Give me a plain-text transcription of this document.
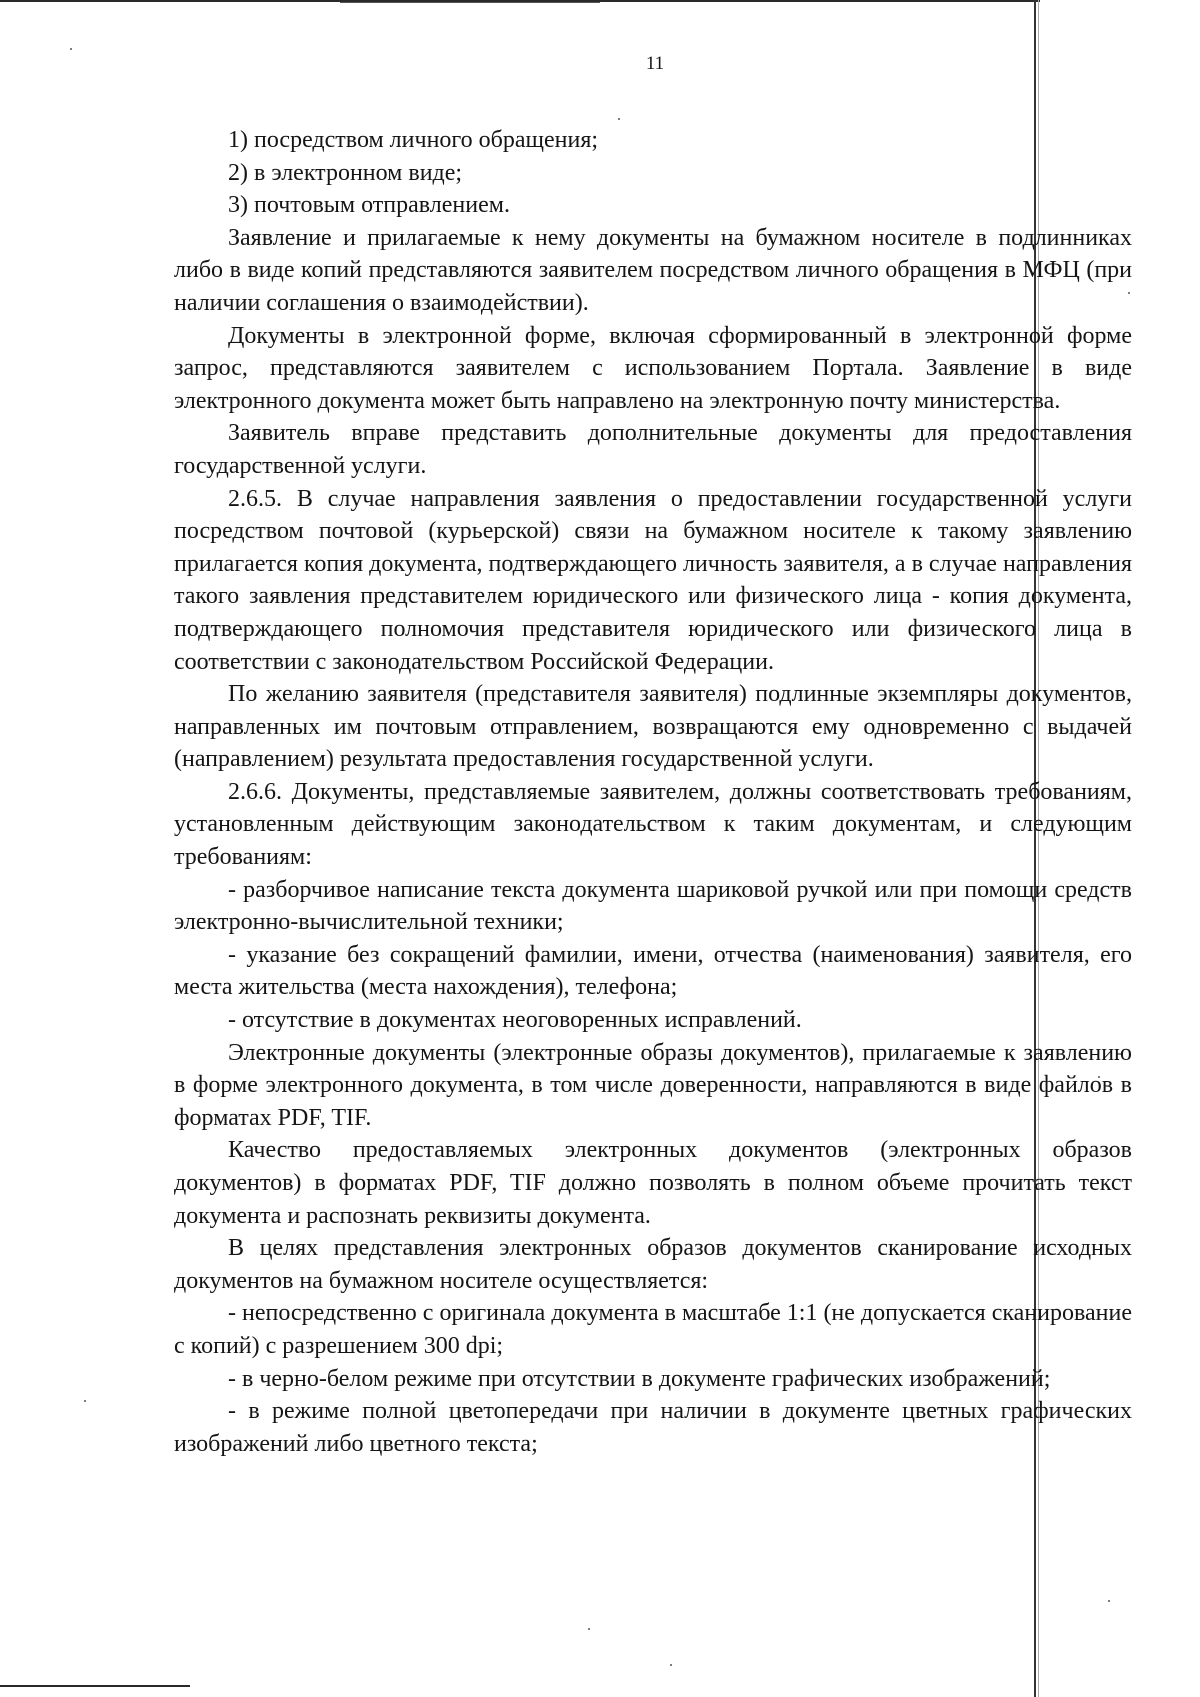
11

1) посредством личного обращения;

2) в электронном виде;

3) почтовым отправлением.

Заявление и прилагаемые к нему документы на бумажном носителе в подлинниках либо в виде копий представляются заявителем посредством личного обращения в МФЦ (при наличии соглашения о взаимодействии).

Документы в электронной форме, включая сформированный в электронной форме запрос, представляются заявителем с использованием Портала. Заявление в виде электронного документа может быть направлено на электронную почту министерства.

Заявитель вправе представить дополнительные документы для предоставления государственной услуги.

2.6.5. В случае направления заявления о предоставлении государственной услуги посредством почтовой (курьерской) связи на бумажном носителе к такому заявлению прилагается копия документа, подтверждающего личность заявителя, а в случае направления такого заявления представителем юридического или физического лица - копия документа, подтверждающего полномочия представителя юридического или физического лица в соответствии с законодательством Российской Федерации.

По желанию заявителя (представителя заявителя) подлинные экземпляры документов, направленных им почтовым отправлением, возвращаются ему одновременно с выдачей (направлением) результата предоставления государственной услуги.

2.6.6. Документы, представляемые заявителем, должны соответствовать требованиям, установленным действующим законодательством к таким документам, и следующим требованиям:

- разборчивое написание текста документа шариковой ручкой или при помощи средств электронно-вычислительной техники;

- указание без сокращений фамилии, имени, отчества (наименования) заявителя, его места жительства (места нахождения), телефона;

- отсутствие в документах неоговоренных исправлений.

Электронные документы (электронные образы документов), прилагаемые к заявлению в форме электронного документа, в том числе доверенности, направляются в виде файлов в форматах PDF, TIF.

Качество предоставляемых электронных документов (электронных образов документов) в форматах PDF, TIF должно позволять в полном объеме прочитать текст документа и распознать реквизиты документа.

В целях представления электронных образов документов сканирование исходных документов на бумажном носителе осуществляется:

- непосредственно с оригинала документа в масштабе 1:1 (не допускается сканирование с копий) с разрешением 300 dpi;

- в черно-белом режиме при отсутствии в документе графических изображений;

- в режиме полной цветопередачи при наличии в документе цветных графических изображений либо цветного текста;
